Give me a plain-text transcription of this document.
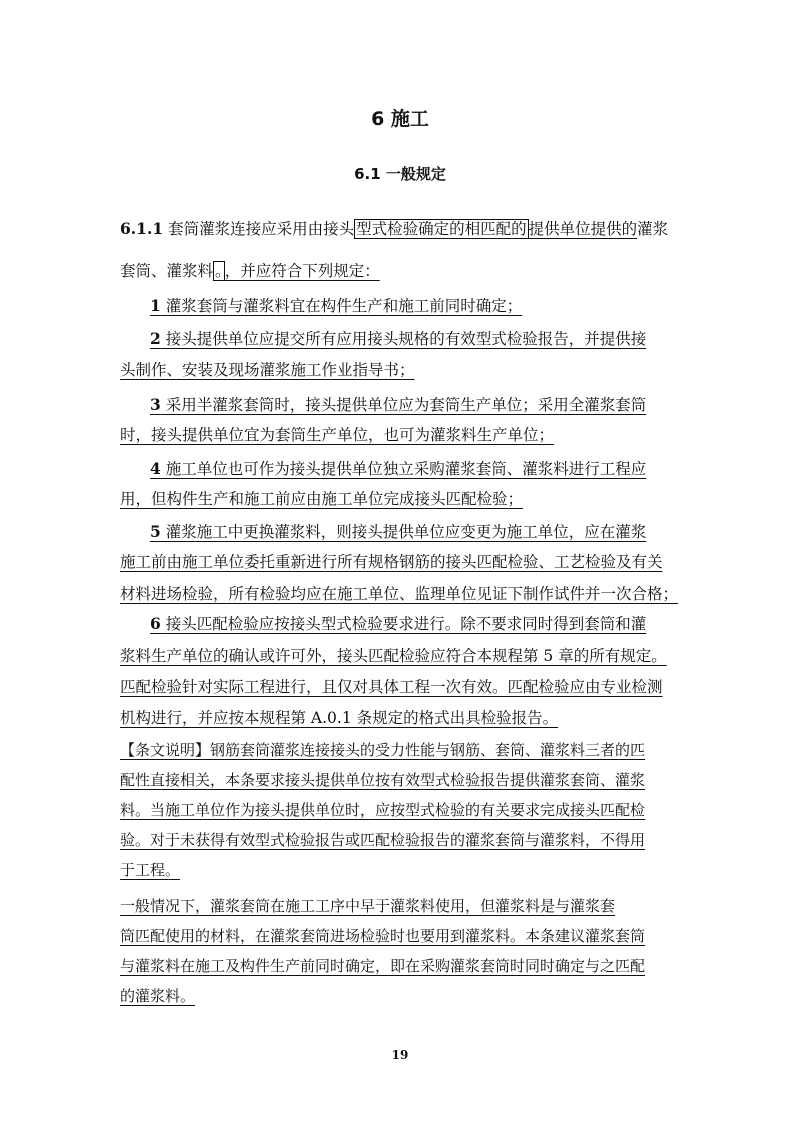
6 施工
6.1 一般规定
6.1.1 套筒灌浆连接应采用由接头 型式检验确定的相匹配的 提供单位提供的灌浆
套筒、灌浆料 。 ，并应符合下列规定：
1 灌浆套筒与灌浆料宜在构件生产和施工前同时确定；
2 接头提供单位应提交所有应用接头规格的有效型式检验报告，并提供接
头制作、安装及现场灌浆施工作业指导书；
3 采用半灌浆套筒时，接头提供单位应为套筒生产单位；采用全灌浆套筒
时，接头提供单位宜为套筒生产单位，也可为灌浆料生产单位；
4 施工单位也可作为接头提供单位独立采购灌浆套筒、灌浆料进行工程应
用，但构件生产和施工前应由施工单位完成接头匹配检验；
5 灌浆施工中更换灌浆料，则接头提供单位应变更为施工单位，应在灌浆
施工前由施工单位委托重新进行所有规格钢筋的接头匹配检验、工艺检验及有关
材料进场检验，所有检验均应在施工单位、监理单位见证下制作试件并一次合格；
6 接头匹配检验应按接头型式检验要求进行。除不要求同时得到套筒和灌
浆料生产单位的确认或许可外，接头匹配检验应符合本规程第 5 章的所有规定。
匹配检验针对实际工程进行，且仅对具体工程一次有效。匹配检验应由专业检测
机构进行，并应按本规程第 A.0.1 条规定的格式出具检验报告。
【条文说明】钢筋套筒灌浆连接接头的受力性能与钢筋、套筒、灌浆料三者的匹
配性直接相关，本条要求接头提供单位按有效型式检验报告提供灌浆套筒、灌浆
料。当施工单位作为接头提供单位时，应按型式检验的有关要求完成接头匹配检
验。对于未获得有效型式检验报告或匹配检验报告的灌浆套筒与灌浆料，不得用
于工程。
一般情况下，灌浆套筒在施工工序中早于灌浆料使用，但灌浆料是与灌浆套
筒匹配使用的材料，在灌浆套筒进场检验时也要用到灌浆料。本条建议灌浆套筒
与灌浆料在施工及构件生产前同时确定，即在采购灌浆套筒时同时确定与之匹配
的灌浆料。
19
